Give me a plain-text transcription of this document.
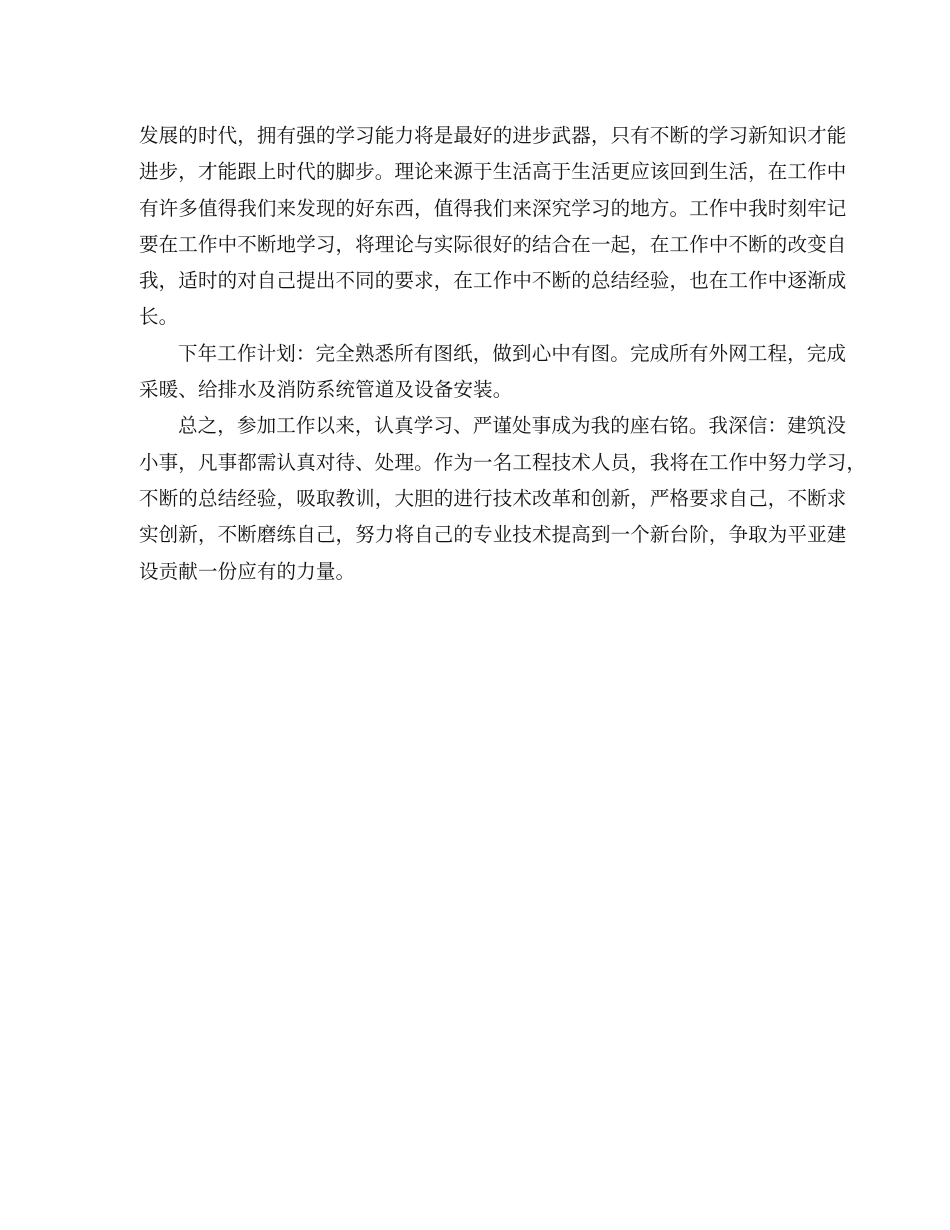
发展的时代，拥有强的学习能力将是最好的进步武器，只有不断的学习新知识才能
进步，才能跟上时代的脚步。理论来源于生活高于生活更应该回到生活，在工作中
有许多值得我们来发现的好东西，值得我们来深究学习的地方。工作中我时刻牢记
要在工作中不断地学习，将理论与实际很好的结合在一起，在工作中不断的改变自
我，适时的对自己提出不同的要求，在工作中不断的总结经验，也在工作中逐渐成
长。
下年工作计划：完全熟悉所有图纸，做到心中有图。完成所有外网工程，完成
采暖、给排水及消防系统管道及设备安装。
总之，参加工作以来，认真学习、严谨处事成为我的座右铭。我深信：建筑没
小事，凡事都需认真对待、处理。作为一名工程技术人员，我将在工作中努力学习，
不断的总结经验，吸取教训，大胆的进行技术改革和创新，严格要求自己，不断求
实创新，不断磨练自己，努力将自己的专业技术提高到一个新台阶，争取为平亚建
设贡献一份应有的力量。
